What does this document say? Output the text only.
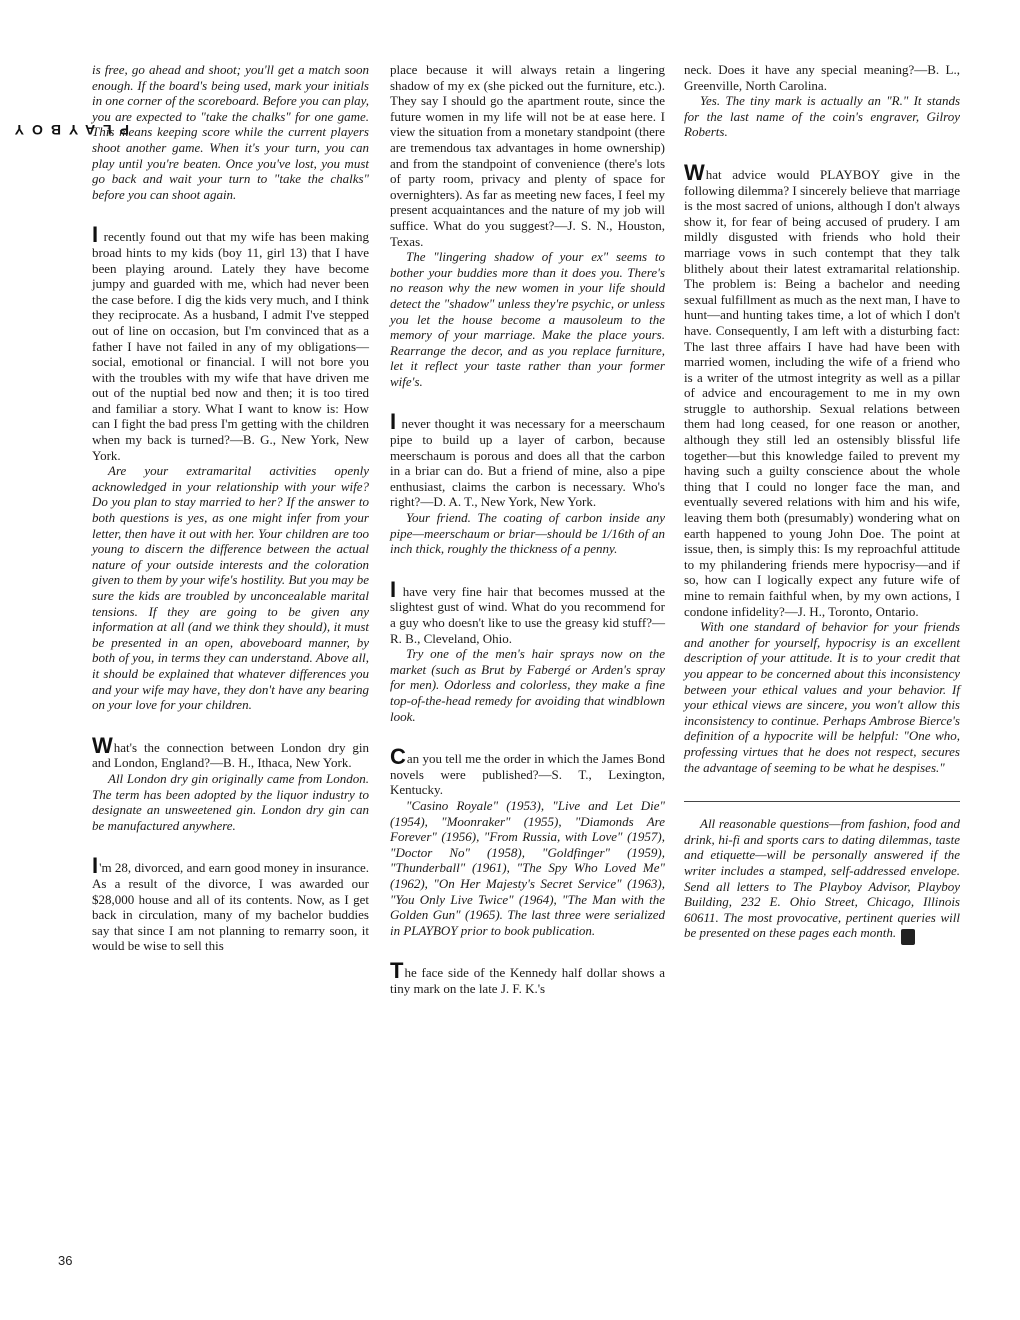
PLAYBOY
36

is free, go ahead and shoot; you'll get a match soon enough. If the board's being used, mark your initials in one corner of the scoreboard. Before you can play, you are expected to "take the chalks" for one game. This means keeping score while the current players shoot another game. When it's your turn, you can play until you're beaten. Once you've lost, you must go back and wait your turn to "take the chalks" before you can shoot again.

I recently found out that my wife has been making broad hints to my kids (boy 11, girl 13) that I have been playing around. Lately they have become jumpy and guarded with me, which had never been the case before. I dig the kids very much, and I think they reciprocate. As a husband, I admit I've stepped out of line on occasion, but I'm convinced that as a father I have not failed in any of my obligations—social, emotional or financial. I will not bore you with the troubles with my wife that have driven me out of the nuptial bed now and then; it is too tired and familiar a story. What I want to know is: How can I fight the bad press I'm getting with the children when my back is turned?—B. G., New York, New York.

Are your extramarital activities openly acknowledged in your relationship with your wife? Do you plan to stay married to her? If the answer to both questions is yes, as one might infer from your letter, then have it out with her. Your children are too young to discern the difference between the actual nature of your outside interests and the coloration given to them by your wife's hostility. But you may be sure the kids are troubled by unconcealable marital tensions. If they are going to be given any information at all (and we think they should), it must be presented in an open, aboveboard manner, by both of you, in terms they can understand. Above all, it should be explained that whatever differences you and your wife may have, they don't have any bearing on your love for your children.

What's the connection between London dry gin and London, England?—B. H., Ithaca, New York.

All London dry gin originally came from London. The term has been adopted by the liquor industry to designate an unsweetened gin. London dry gin can be manufactured anywhere.

I'm 28, divorced, and earn good money in insurance. As a result of the divorce, I was awarded our $28,000 house and all of its contents. Now, as I get back in circulation, many of my bachelor buddies say that since I am not planning to remarry soon, it would be wise to sell this

place because it will always retain a lingering shadow of my ex (she picked out the furniture, etc.). They say I should go the apartment route, since the future women in my life will not be at ease here. I view the situation from a monetary standpoint (there are tremendous tax advantages in home ownership) and from the standpoint of convenience (there's lots of party room, privacy and plenty of space for overnighters). As far as meeting new faces, I feel my present acquaintances and the nature of my job will suffice. What do you suggest?—J. S. N., Houston, Texas.

The "lingering shadow of your ex" seems to bother your buddies more than it does you. There's no reason why the new women in your life should detect the "shadow" unless they're psychic, or unless you let the house become a mausoleum to the memory of your marriage. Make the place yours. Rearrange the decor, and as you replace furniture, let it reflect your taste rather than your former wife's.

I never thought it was necessary for a meerschaum pipe to build up a layer of carbon, because meerschaum is porous and does all that the carbon in a briar can do. But a friend of mine, also a pipe enthusiast, claims the carbon is necessary. Who's right?—D. A. T., New York, New York.

Your friend. The coating of carbon inside any pipe—meerschaum or briar—should be 1/16th of an inch thick, roughly the thickness of a penny.

I have very fine hair that becomes mussed at the slightest gust of wind. What do you recommend for a guy who doesn't like to use the greasy kid stuff?—R. B., Cleveland, Ohio.

Try one of the men's hair sprays now on the market (such as Brut by Fabergé or Arden's spray for men). Odorless and colorless, they make a fine top-of-the-head remedy for avoiding that windblown look.

Can you tell me the order in which the James Bond novels were published?—S. T., Lexington, Kentucky.

"Casino Royale" (1953), "Live and Let Die" (1954), "Moonraker" (1955), "Diamonds Are Forever" (1956), "From Russia, with Love" (1957), "Doctor No" (1958), "Goldfinger" (1959), "Thunderball" (1961), "The Spy Who Loved Me" (1962), "On Her Majesty's Secret Service" (1963), "You Only Live Twice" (1964), "The Man with the Golden Gun" (1965). The last three were serialized in PLAYBOY prior to book publication.

The face side of the Kennedy half dollar shows a tiny mark on the late J. F. K.'s

neck. Does it have any special meaning?—B. L., Greenville, North Carolina.

Yes. The tiny mark is actually an "R." It stands for the last name of the coin's engraver, Gilroy Roberts.

What advice would PLAYBOY give in the following dilemma? I sincerely believe that marriage is the most sacred of unions, although I don't always show it, for fear of being accused of prudery. I am mildly disgusted with friends who hold their marriage vows in such contempt that they talk blithely about their latest extramarital relationship. The problem is: Being a bachelor and needing sexual fulfillment as much as the next man, I have to hunt—and hunting takes time, a lot of which I don't have. Consequently, I am left with a disturbing fact: The last three affairs I have had have been with married women, including the wife of a friend who is a writer of the utmost integrity as well as a pillar of advice and encouragement to me in my own struggle to authorship. Sexual relations between them had long ceased, for one reason or another, although they still led an ostensibly blissful life together—but this knowledge failed to prevent my having such a guilty conscience about the whole thing that I could no longer face the man, and eventually severed relations with him and his wife, leaving them both (presumably) wondering what on earth happened to young John Doe. The point at issue, then, is simply this: Is my reproachful attitude to my philandering friends mere hypocrisy—and if so, how can I logically expect any future wife of mine to remain faithful when, by my own actions, I condone infidelity?—J. H., Toronto, Ontario.

With one standard of behavior for your friends and another for yourself, hypocrisy is an excellent description of your attitude. It is to your credit that you appear to be concerned about this inconsistency between your ethical values and your behavior. If your ethical views are sincere, you won't allow this inconsistency to continue. Perhaps Ambrose Bierce's definition of a hypocrite will be helpful: "One who, professing virtues that he does not respect, secures the advantage of seeming to be what he despises."

All reasonable questions—from fashion, food and drink, hi-fi and sports cars to dating dilemmas, taste and etiquette—will be personally answered if the writer includes a stamped, self-addressed envelope. Send all letters to The Playboy Advisor, Playboy Building, 232 E. Ohio Street, Chicago, Illinois 60611. The most provocative, pertinent queries will be presented on these pages each month. Y
